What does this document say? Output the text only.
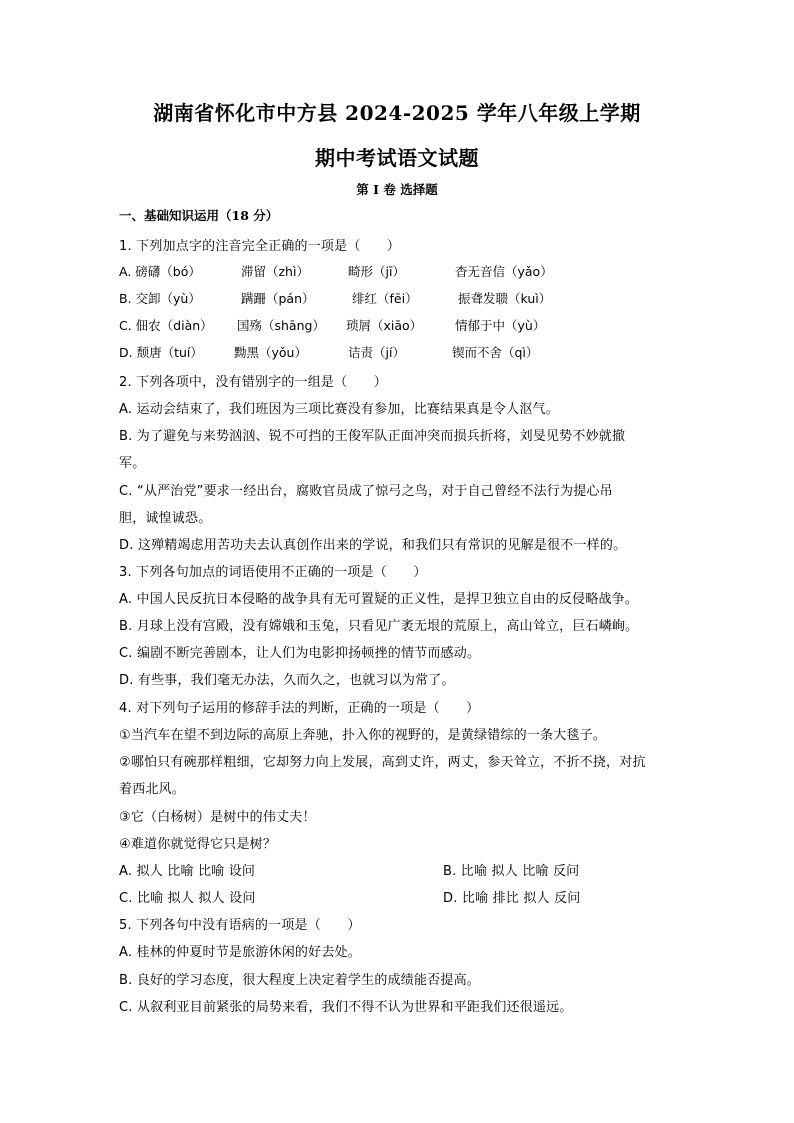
湖南省怀化市中方县 2024-2025 学年八年级上学期
期中考试语文试题
第 I 卷 选择题
一、基础知识运用（18 分）
1. 下列加点字的注音完全正确的一项是（　　）
A. 磅礴（bó）	滞留（zhì）	畸形（jī）	杳无音信（yǎo）
B. 交卸（yù）	蹒跚（pán）	绯红（fēi）	振聋发聩（kuì）
C. 佃农（diàn） 国殇（shāng） 琐屑（xiāo）	情郁于中（yù）
D. 颓唐（tuí） 黝黑（yǒu）	诘责（jí）	锲而不舍（qì）
2. 下列各项中，没有错别字的一组是（　　）
A. 运动会结束了，我们班因为三项比赛没有参加，比赛结果真是令人沤气。
B. 为了避免与来势汹汹、锐不可挡的王俊军队正面冲突而损兵折将，刘旻见势不妙就撤
军。
C. “从严治党”要求一经出台，腐败官员成了惊弓之鸟，对于自己曾经不法行为提心吊
胆，诚惶诚恐。
D. 这殚精竭虑用苦功夫去认真创作出来的学说，和我们只有常识的见解是很不一样的。
3. 下列各句加点的词语使用不正确的一项是（　　）
A. 中国人民反抗日本侵略的战争具有无可置疑的正义性，是捍卫独立自由的反侵略战争。
B. 月球上没有宫殿，没有嫦娥和玉兔，只看见广袤无垠的荒原上，高山耸立，巨石嶙峋。
C. 编剧不断完善剧本，让人们为电影抑扬顿挫的情节而感动。
D. 有些事，我们毫无办法，久而久之，也就习以为常了。
4. 对下列句子运用的修辞手法的判断，正确的一项是（　　）
①当汽车在望不到边际的高原上奔驰，扑入你的视野的，是黄绿错综的一条大毯子。
②哪怕只有碗那样粗细，它却努力向上发展，高到丈许，两丈，参天耸立，不折不挠，对抗
着西北风。
③它（白杨树）是树中的伟丈夫！
④难道你就觉得它只是树？
A. 拟人 比喻 比喻 设问	B. 比喻 拟人 比喻 反问
C. 比喻 拟人 拟人 设问	D. 比喻 排比 拟人 反问
5. 下列各句中没有语病的一项是（　　）
A. 桂林的仲夏时节是旅游休闲的好去处。
B. 良好的学习态度，很大程度上决定着学生的成绩能否提高。
C. 从叙利亚目前紧张的局势来看，我们不得不认为世界和平距我们还很遥远。
